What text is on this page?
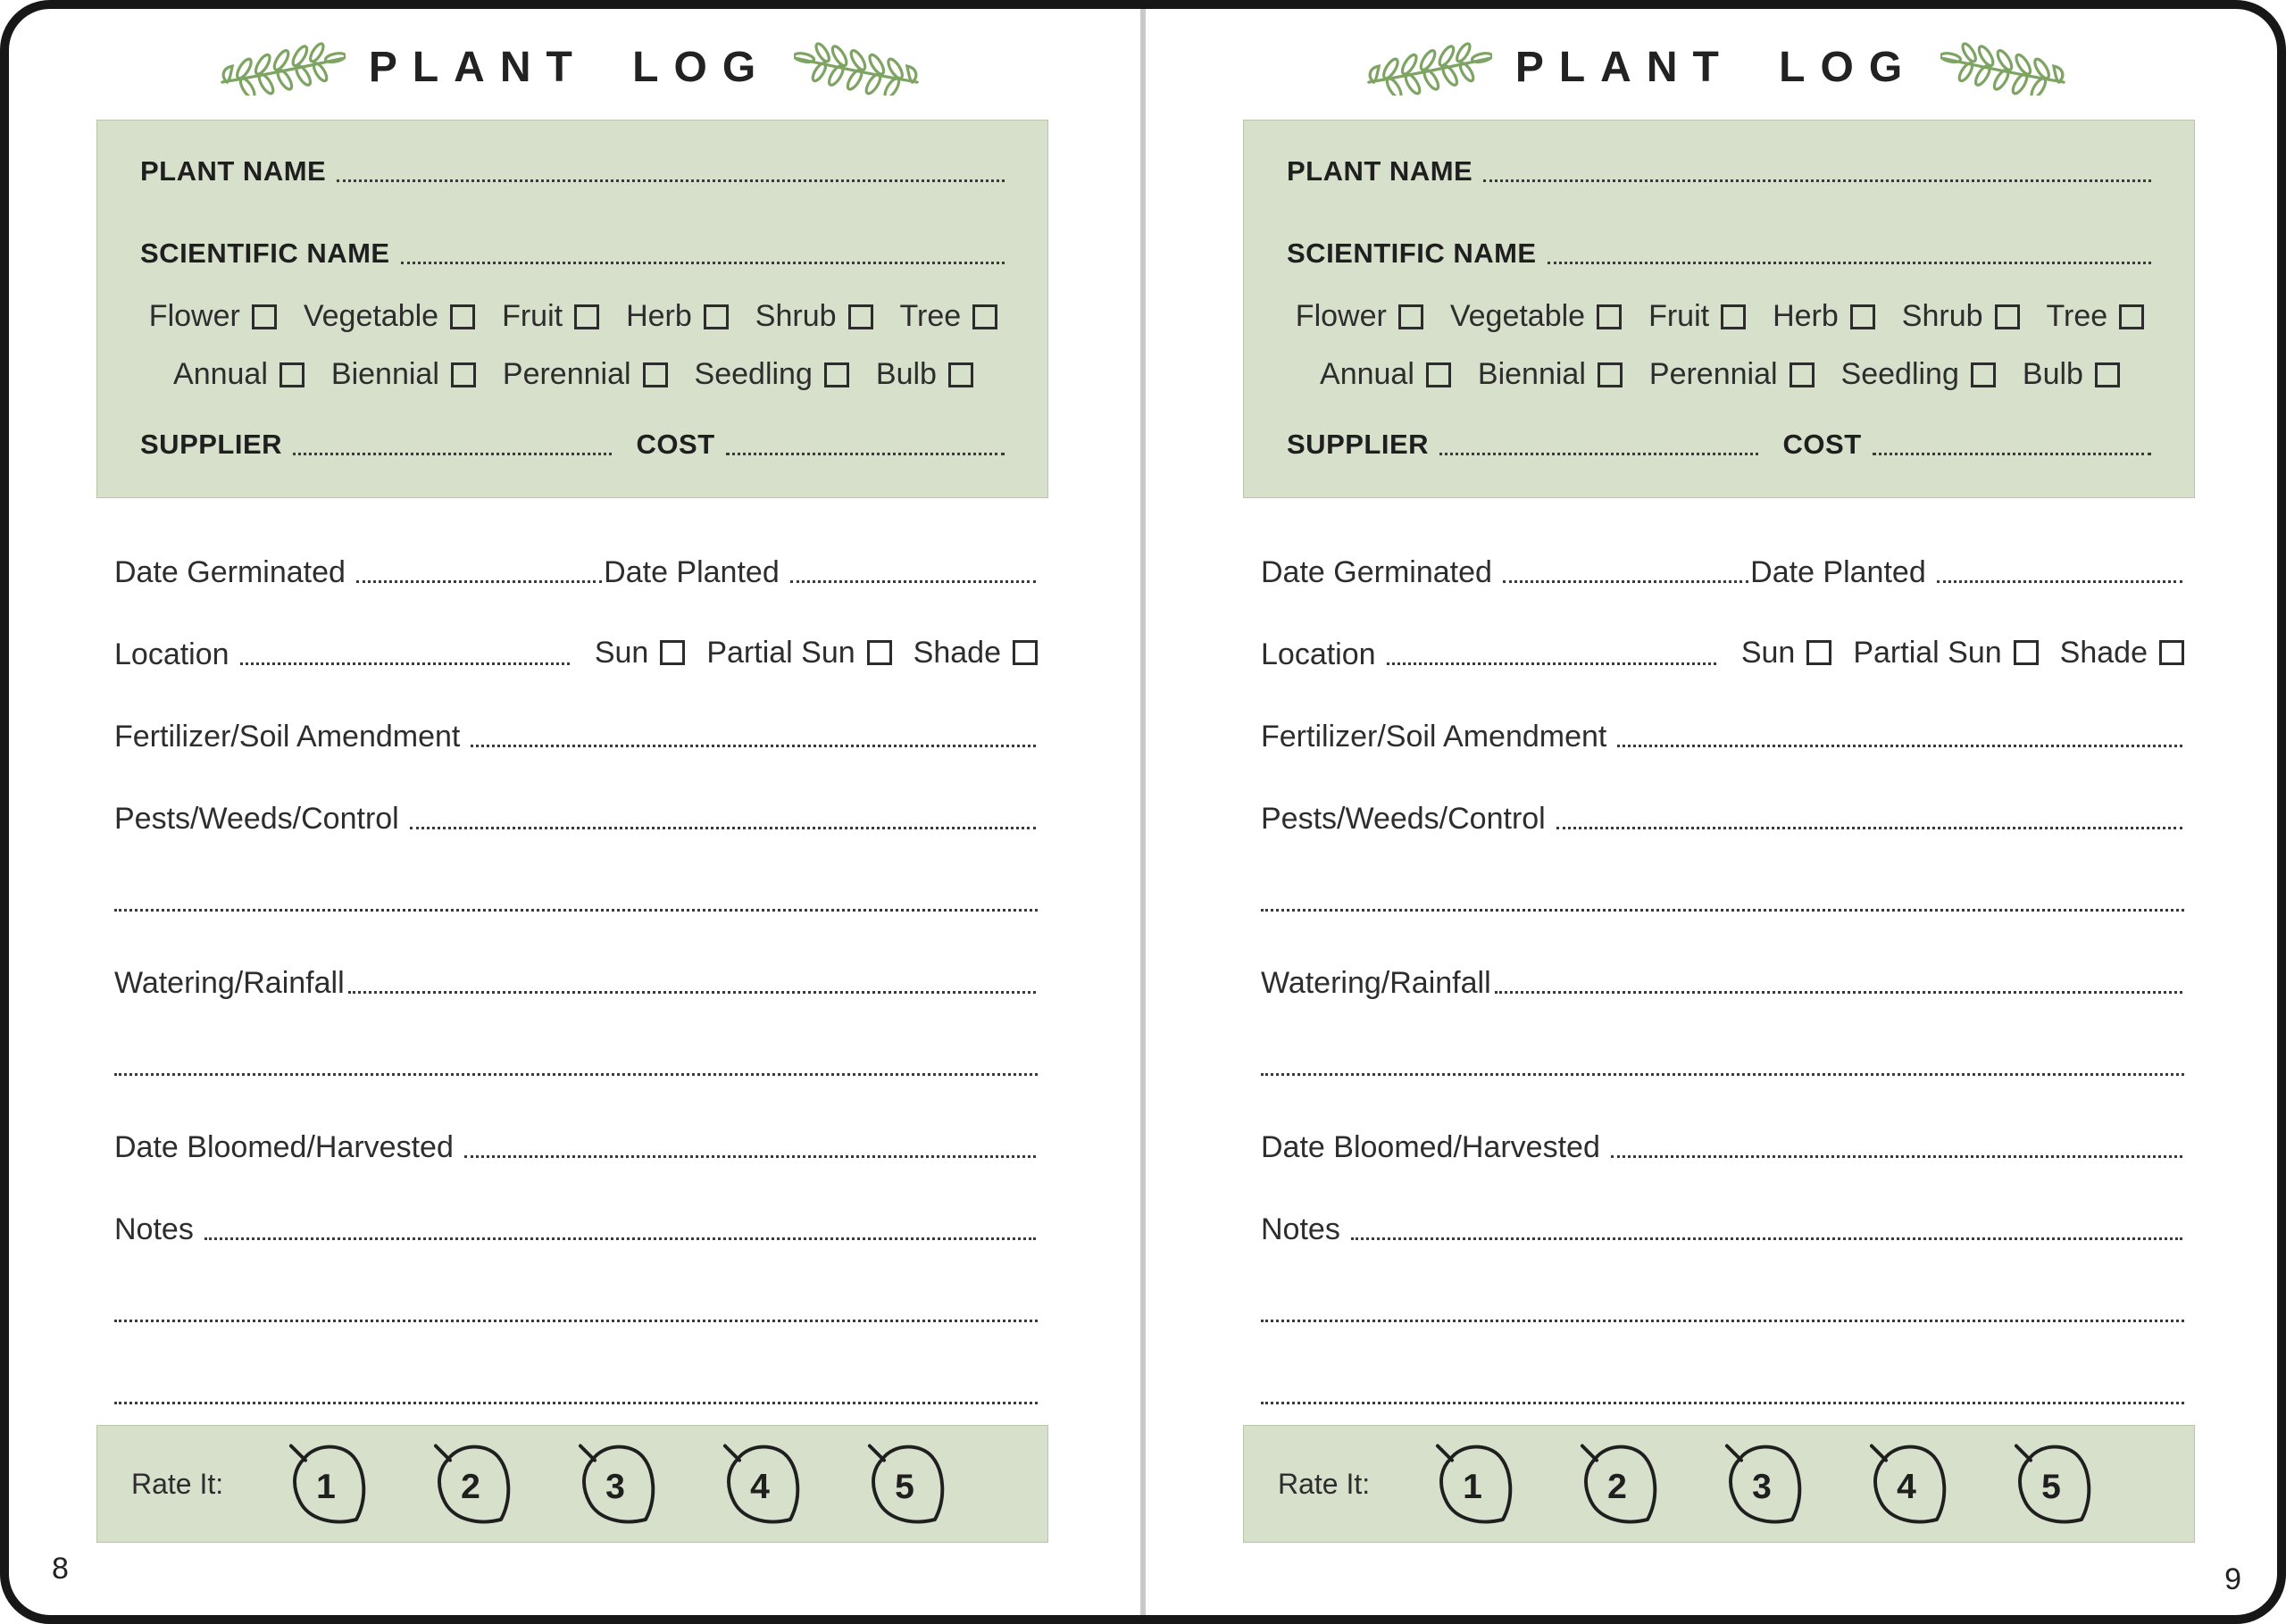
PLANT LOG
PLANT NAME
SCIENTIFIC NAME
Flower Vegetable Fruit Herb Shrub Tree
Annual Biennial Perennial Seedling Bulb
SUPPLIER	COST
Date Germinated	Date Planted
Location	Sun Partial Sun Shade
Fertilizer/Soil Amendment
Pests/Weeds/Control
Watering/Rainfall
Date Bloomed/Harvested
Notes
Rate It: 1	2	3	4	5
8
PLANT LOG
PLANT NAME
SCIENTIFIC NAME
Flower Vegetable Fruit Herb Shrub Tree
Annual Biennial Perennial Seedling Bulb
SUPPLIER	COST
Date Germinated	Date Planted
Location	Sun Partial Sun Shade
Fertilizer/Soil Amendment
Pests/Weeds/Control
Watering/Rainfall
Date Bloomed/Harvested
Notes
Rate It: 1	2	3	4	5
9
